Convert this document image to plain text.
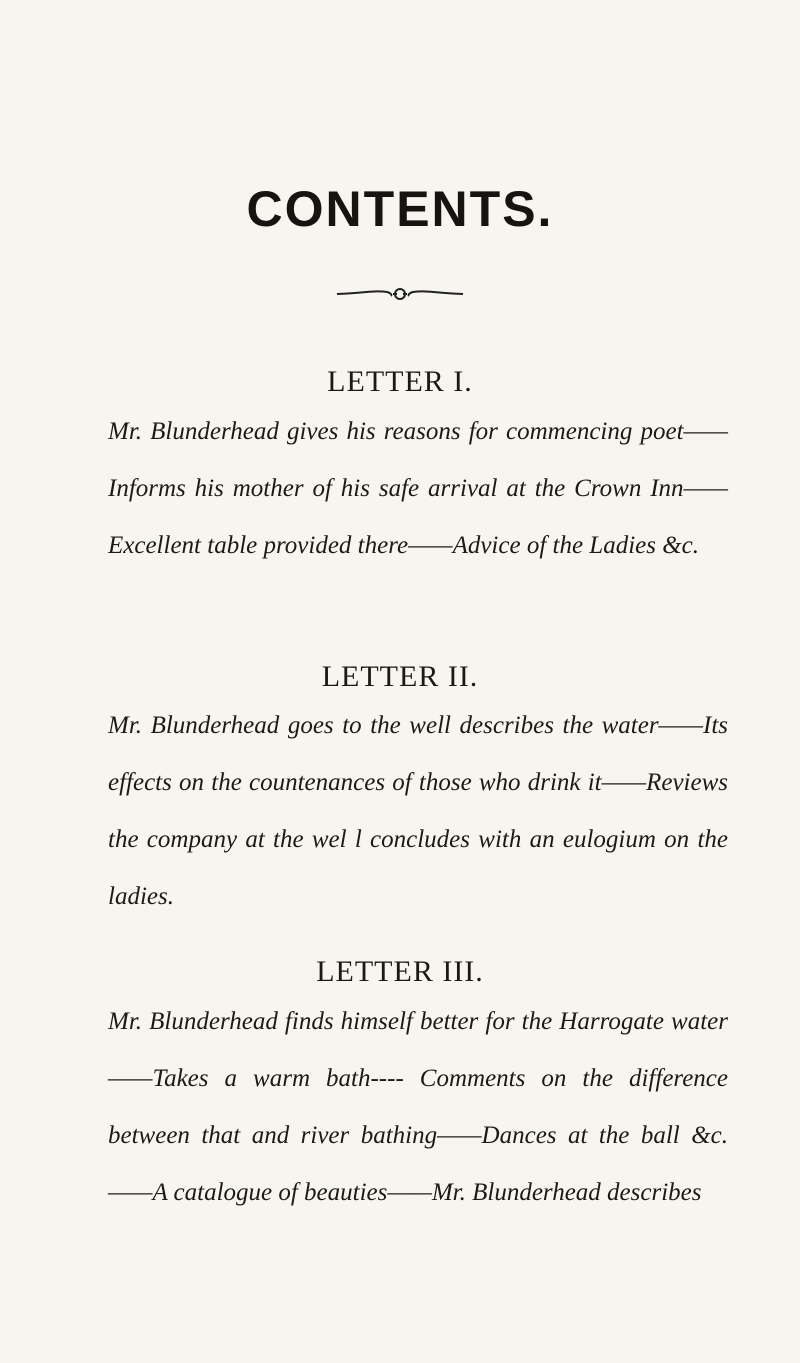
CONTENTS.
LETTER I.
Mr. Blunderhead gives his reasons for commencing poet——Informs his mother of his safe arrival at the Crown Inn——Excellent table provided there——Advice of the Ladies &c.
LETTER II.
Mr. Blunderhead goes to the well describes the water——Its effects on the countenances of those who drink it——Reviews the company at the wel l concludes with an eulogium on the ladies.
LETTER III.
Mr. Blunderhead finds himself better for the Harrogate water——Takes a warm bath---- Comments on the difference between that and river bathing——Dances at the ball &c.——A catalogue of beauties——Mr. Blunderhead describes
